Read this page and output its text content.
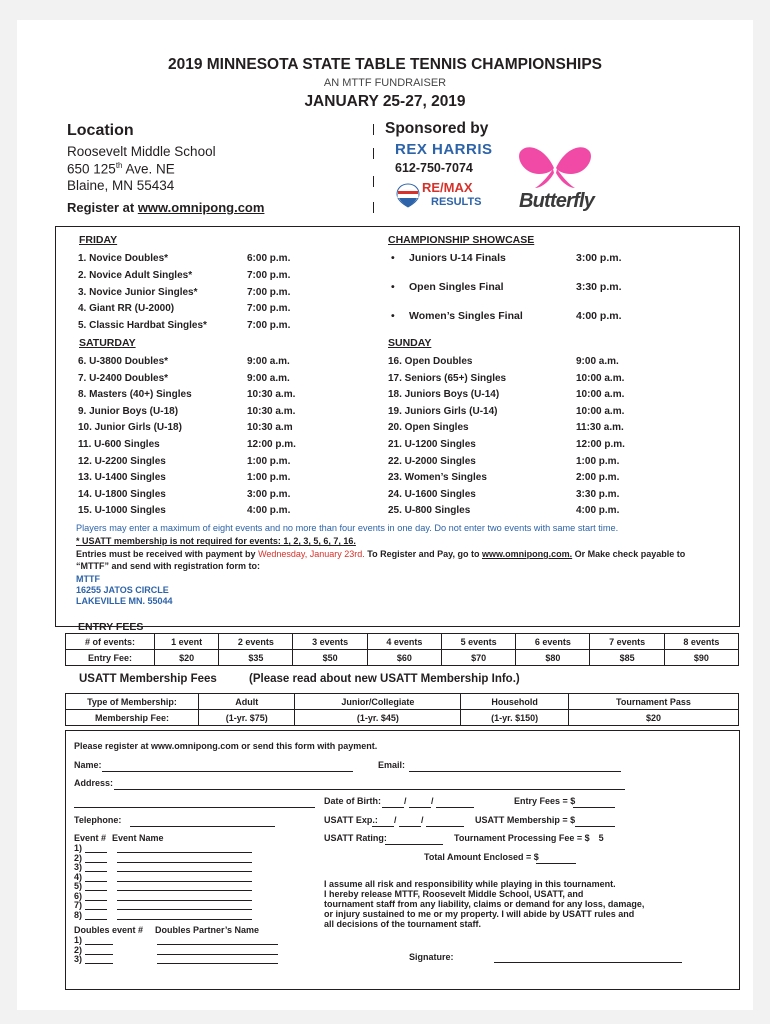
2019 MINNESOTA STATE TABLE TENNIS CHAMPIONSHIPS
AN MTTF FUNDRAISER
JANUARY 25-27, 2019
Location
Roosevelt Middle School
650 125th Ave. NE
Blaine, MN 55434
Register at www.omnipong.com
Sponsored by
REX HARRIS
612-750-7074
RE/MAX
RESULTS Butterfly
FRIDAY	CHAMPIONSHIP SHOWCASE
1. Novice Doubles*	6:00 p.m.
2. Novice Adult Singles*	7:00 p.m.
3. Novice Junior Singles*	7:00 p.m.
4. Giant RR (U-2000)	7:00 p.m.
5. Classic Hardbat Singles*	7:00 p.m.
• Juniors U-14 Finals	3:00 p.m.
• Open Singles Final	3:30 p.m.
• Women’s Singles Final	4:00 p.m.
SATURDAY	SUNDAY
6. U-3800 Doubles*	9:00 a.m.
7. U-2400 Doubles*	9:00 a.m.
8. Masters (40+) Singles	10:30 a.m.
9. Junior Boys (U-18)	10:30 a.m.
10. Junior Girls (U-18)	10:30 a.m
11. U-600 Singles	12:00 p.m.
12. U-2200 Singles	1:00 p.m.
13. U-1400 Singles	1:00 p.m.
14. U-1800 Singles	3:00 p.m.
15. U-1000 Singles	4:00 p.m.
16. Open Doubles	9:00 a.m.
17. Seniors (65+) Singles	10:00 a.m.
18. Juniors Boys (U-14)	10:00 a.m.
19. Juniors Girls (U-14)	10:00 a.m.
20. Open Singles	11:30 a.m.
21. U-1200 Singles	12:00 p.m.
22. U-2000 Singles	1:00 p.m.
23. Women’s Singles	2:00 p.m.
24. U-1600 Singles	3:30 p.m.
25. U-800 Singles	4:00 p.m.
Players may enter a maximum of eight events and no more than four events in one day. Do not enter two events with same start time.
* USATT membership is not required for events: 1, 2, 3, 5, 6, 7, 16.
Entries must be received with payment by Wednesday, January 23rd. To Register and Pay, go to www.omnipong.com. Or Make check payable to
“MTTF” and send with registration form to:
MTTF
16255 JATOS CIRCLE
LAKEVILLE MN. 55044
ENTRY FEES
# of events:	1 event	2 events	3 events	4 events	5 events	6 events	7 events	8 events
Entry Fee:	$20	$35	$50	$60	$70	$80	$85	$90
USATT Membership Fees	(Please read about new USATT Membership Info.)
Type of Membership:	Adult	Junior/Collegiate	Household	Tournament Pass
Membership Fee:	(1-yr. $75)	(1-yr. $45)	(1-yr. $150)	$20
Please register at www.omnipong.com or send this form with payment.
Name:	Email:
Address:
Date of Birth:	/	/	Entry Fees = $
Telephone:	USATT Exp.: /	/	USATT Membership = $
Event # Event Name	USATT Rating:	Tournament Processing Fee = $ 5
1)
2)
3)
4)
5)
6)
7)
8)
Total Amount Enclosed = $
I assume all risk and responsibility while playing in this tournament.
I hereby release MTTF, Roosevelt Middle School, USATT, and
tournament staff from any liability, claims or demand for any loss, damage,
or injury sustained to me or my property. I will abide by USATT rules and
all decisions of the tournament staff.
Doubles event # Doubles Partner’s Name
1)
2)
3)	Signature:
